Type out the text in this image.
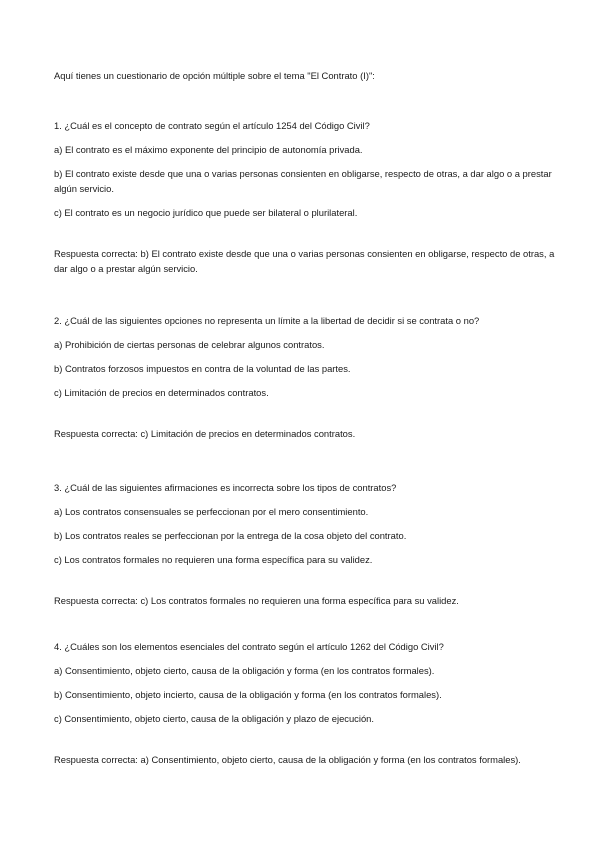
Aquí tienes un cuestionario de opción múltiple sobre el tema "El Contrato (I)":

1. ¿Cuál es el concepto de contrato según el artículo 1254 del Código Civil?

a) El contrato es el máximo exponente del principio de autonomía privada.

b) El contrato existe desde que una o varias personas consienten en obligarse, respecto de otras, a dar algo o a prestar algún servicio.

c) El contrato es un negocio jurídico que puede ser bilateral o plurilateral.

Respuesta correcta: b) El contrato existe desde que una o varias personas consienten en obligarse, respecto de otras, a dar algo o a prestar algún servicio.

2. ¿Cuál de las siguientes opciones no representa un límite a la libertad de decidir si se contrata o no?

a) Prohibición de ciertas personas de celebrar algunos contratos.

b) Contratos forzosos impuestos en contra de la voluntad de las partes.

c) Limitación de precios en determinados contratos.

Respuesta correcta: c) Limitación de precios en determinados contratos.

3. ¿Cuál de las siguientes afirmaciones es incorrecta sobre los tipos de contratos?

a) Los contratos consensuales se perfeccionan por el mero consentimiento.

b) Los contratos reales se perfeccionan por la entrega de la cosa objeto del contrato.

c) Los contratos formales no requieren una forma específica para su validez.

Respuesta correcta: c) Los contratos formales no requieren una forma específica para su validez.

4. ¿Cuáles son los elementos esenciales del contrato según el artículo 1262 del Código Civil?

a) Consentimiento, objeto cierto, causa de la obligación y forma (en los contratos formales).

b) Consentimiento, objeto incierto, causa de la obligación y forma (en los contratos formales).

c) Consentimiento, objeto cierto, causa de la obligación y plazo de ejecución.

Respuesta correcta: a) Consentimiento, objeto cierto, causa de la obligación y forma (en los contratos formales).
